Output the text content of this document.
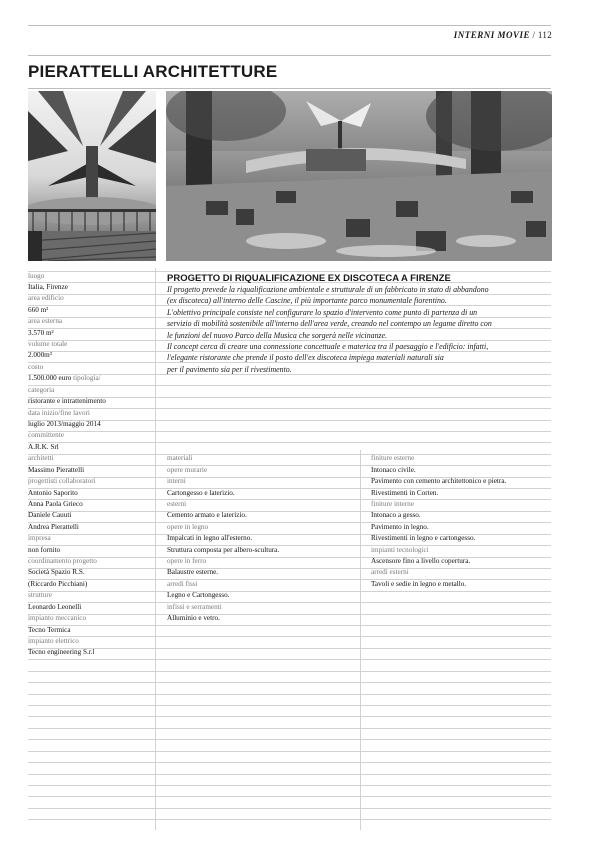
INTERNI MOVIE / 112
PIERATTELLI ARCHITETTURE
PROGETTO DI RIQUALIFICAZIONE EX DISCOTECA A FIRENZE

Il progetto prevede la riqualificazione ambientale e strutturale di un fabbricato in stato di abbandono

(ex discoteca) all'interno delle Cascine, il più importante parco monumentale fiorentino.

L'obiettivo principale consiste nel configurare lo spazio d'intervento come punto di partenza di un

servizio di mobilità sostenibile all'interno dell'area verde, creando nel contempo un legame diretto con

le funzioni del nuovo Parco della Musica che sorgerà nelle vicinanze.

Il concept cerca di creare una connessione concettuale e materica tra il paesaggio e l'edificio: infatti,

l'elegante ristorante che prende il posto dell'ex discoteca impiega materiali naturali sia

per il pavimento sia per il rivestimento.

luogo
Italia, Firenze
area edificio
660 m²
area esterna
3.570 m²
volume totale
2.000m³
costo
1.500.000 euro tipologia/
categoria
ristorante e intrattenimento
data inizio/fine lavori
luglio 2013/maggio 2014
committente
A.R.K. Srl
architetti
Massimo Pierattelli
progettisti collaboratori
Antonio Saporito
Anna Paola Grieco
Daniele Cauuti
Andrea Pierattelli
impresa
non fornito
coordinamento progetto
Società Spazio R.S.
(Riccardo Picchiani)
strutture
Leonardo Leonelli
impianto meccanico
Tecno Termica
impianto elettrico
Tecno engineering S.r.l
materiali
opere murarie
interni
Cartongesso e laterizio.
esterni
Cemento armato e laterizio.
opere in legno
Impalcati in legno all'esterno.
Struttura composta per albero-scultura.
opere in ferro
Balaustre esterne.
arredi fissi
Legno e Cartongesso.
infissi e serramenti
Alluminio e vetro.
finiture esterne
Intonaco civile.
Pavimento con cemento architettonico e pietra.
Rivestimenti in Corten.
finiture interne
Intonaco a gesso.
Pavimento in legno.
Rivestimenti in legno e cartongesso.
impianti tecnologici
Ascensore fino a livello copertura.
arredi esterni
Tavoli e sedie in legno e metallo.
